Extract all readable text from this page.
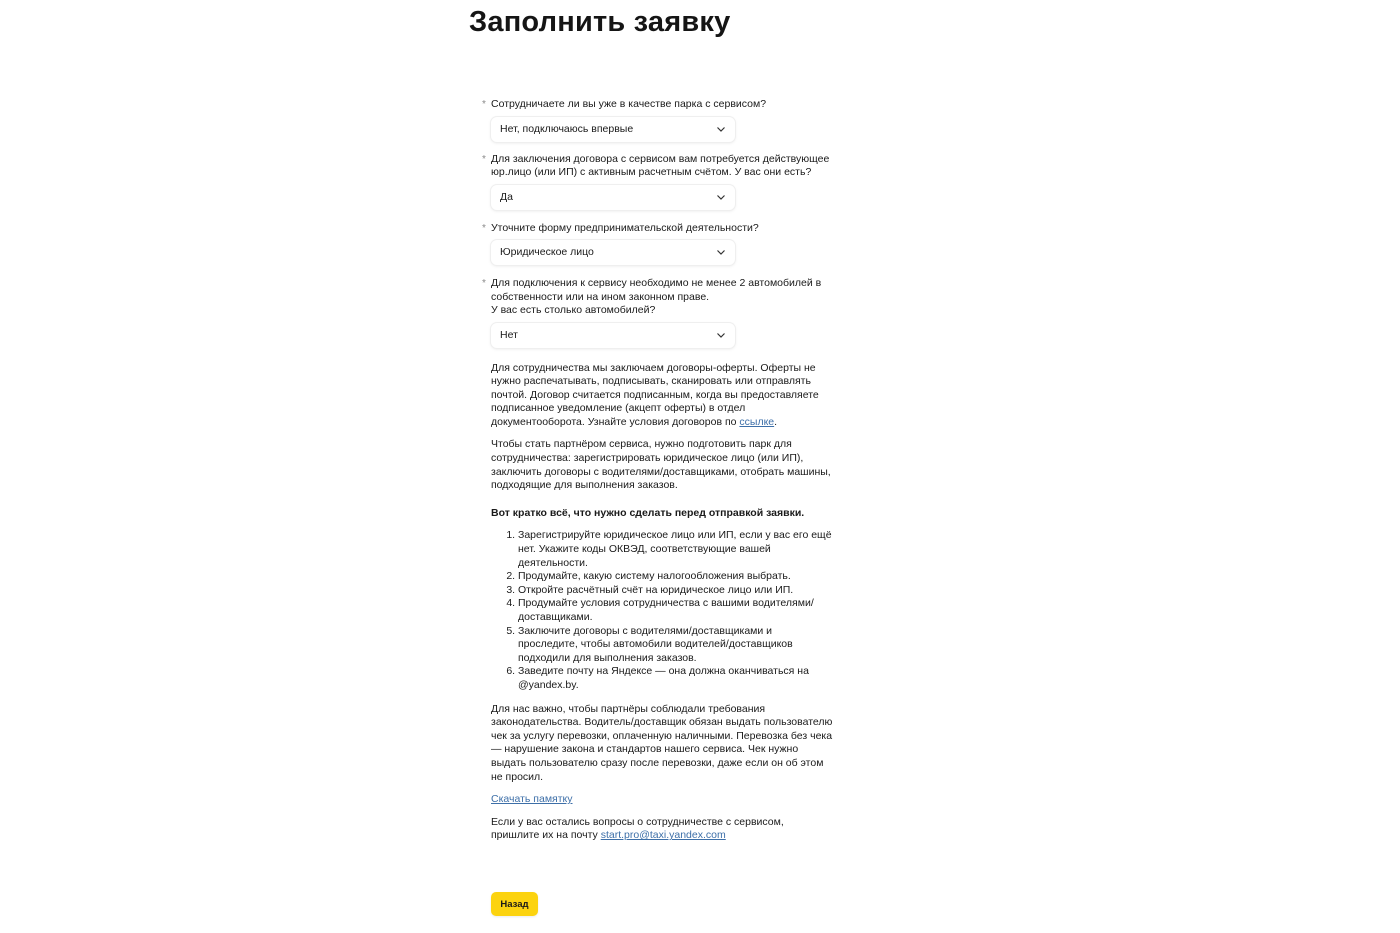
Заполнить заявку
* Сотрудничаете ли вы уже в качестве парка с сервисом?
Нет, подключаюсь впервые
* Для заключения договора с сервисом вам потребуется действующее юр.лицо (или ИП) с активным расчетным счётом. У вас они есть?
Да
* Уточните форму предпринимательской деятельности?
Юридическое лицо
* Для подключения к сервису необходимо не менее 2 автомобилей в собственности или на ином законном праве.
У вас есть столько автомобилей?
Нет

Для сотрудничества мы заключаем договоры-оферты. Оферты не нужно распечатывать, подписывать, сканировать или отправлять почтой. Договор считается подписанным, когда вы предоставляете подписанное уведомление (акцепт оферты) в отдел документооборота. Узнайте условия договоров по ссылке.

Чтобы стать партнёром сервиса, нужно подготовить парк для сотрудничества: зарегистрировать юридическое лицо (или ИП), заключить договоры с водителями/доставщиками, отобрать машины, подходящие для выполнения заказов.

Вот кратко всё, что нужно сделать перед отправкой заявки.

1. Зарегистрируйте юридическое лицо или ИП, если у вас его ещё нет. Укажите коды ОКВЭД, соответствующие вашей деятельности.
2. Продумайте, какую систему налогообложения выбрать.
3. Откройте расчётный счёт на юридическое лицо или ИП.
4. Продумайте условия сотрудничества с вашими водителями/доставщиками.
5. Заключите договоры с водителями/доставщиками и проследите, чтобы автомобили водителей/доставщиков подходили для выполнения заказов.
6. Заведите почту на Яндексе — она должна оканчиваться на @yandex.by.

Для нас важно, чтобы партнёры соблюдали требования законодательства. Водитель/доставщик обязан выдать пользователю чек за услугу перевозки, оплаченную наличными. Перевозка без чека — нарушение закона и стандартов нашего сервиса. Чек нужно выдать пользователю сразу после перевозки, даже если он об этом не просил.

Скачать памятку

Если у вас остались вопросы о сотрудничестве с сервисом, пришлите их на почту start.pro@taxi.yandex.com

Назад
